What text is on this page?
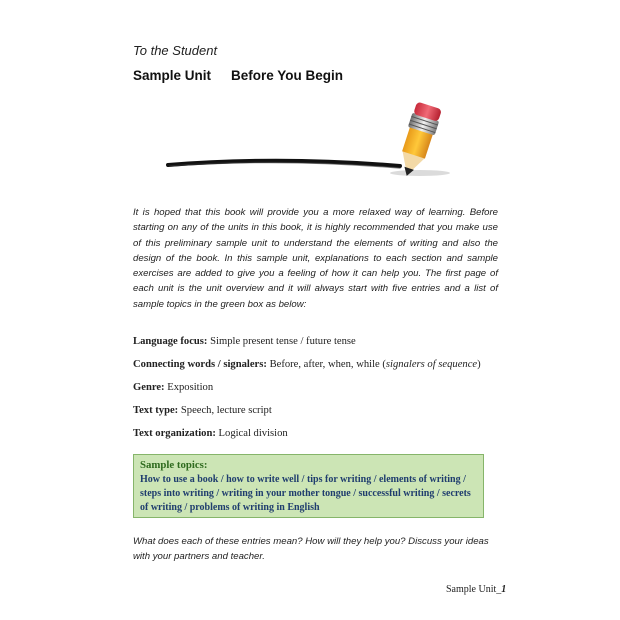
To the Student
Sample Unit Before You Begin
It is hoped that this book will provide you a more relaxed way of learning. Before starting on any of the units in this book, it is highly recommended that you make use of this preliminary sample unit to understand the elements of writing and also the design of the book. In this sample unit, explanations to each section and sample exercises are added to give you a feeling of how it can help you. The first page of each unit is the unit overview and it will always start with five entries and a list of sample topics in the green box as below:
Language focus: Simple present tense / future tense
Connecting words / signalers: Before, after, when, while (signalers of sequence)
Genre: Exposition
Text type: Speech, lecture script
Text organization: Logical division
Sample topics:
How to use a book / how to write well / tips for writing / elements of writing / steps into writing / writing in your mother tongue / successful writing / secrets of writing / problems of writing in English
What does each of these entries mean? How will they help you? Discuss your ideas with your partners and teacher.
Sample Unit_1
